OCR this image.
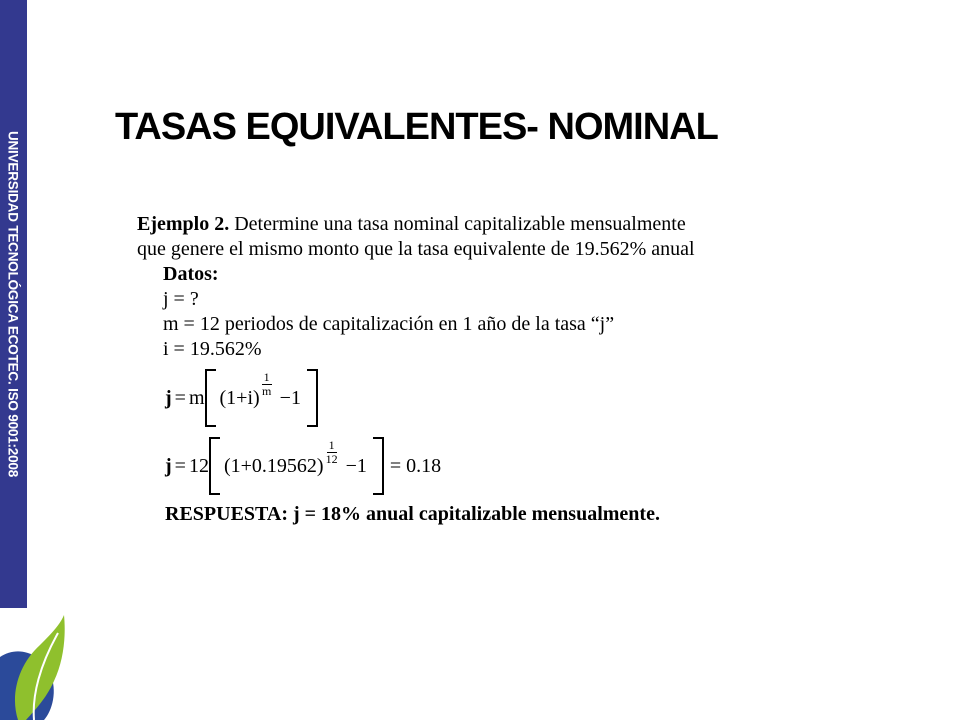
UNIVERSIDAD TECNOLÓGICA ECOTEC. ISO 9001:2008
TASAS EQUIVALENTES- NOMINAL
Ejemplo 2. Determine una tasa nominal capitalizable mensualmente
que genere el mismo monto que la tasa equivalente de 19.562% anual
Datos:
j = ?
m = 12 periodos de capitalización en 1 año de la tasa “j”
i = 19.562%
j = m $(1+i) \frac{1}{m} -1$
j = 12 $(1+0.19562) \frac{1}{12} -1 = 0.18$
RESPUESTA: j = 18% anual capitalizable mensualmente.
